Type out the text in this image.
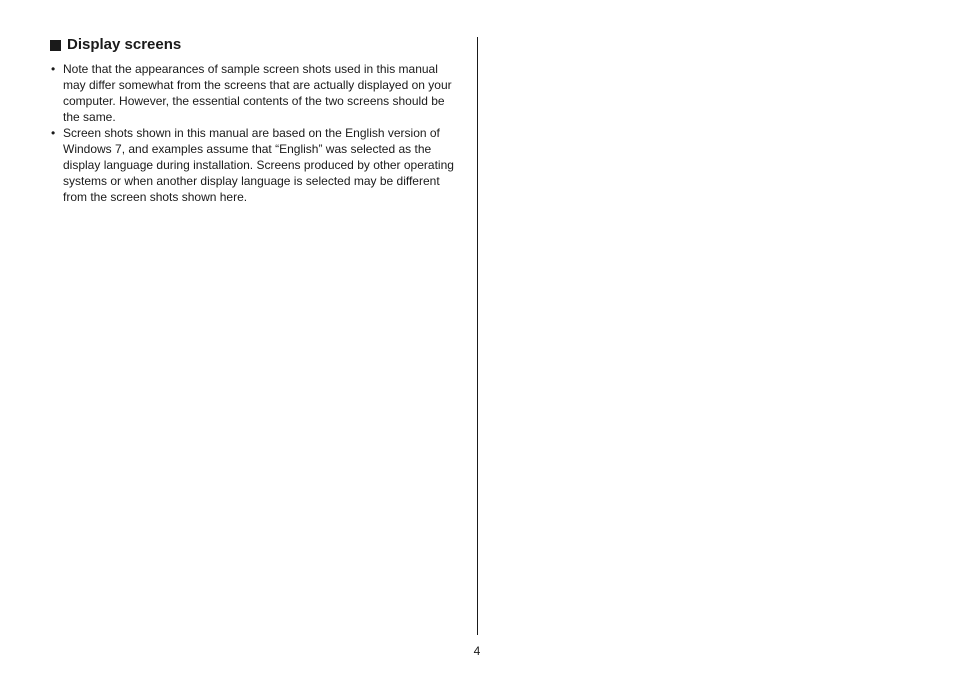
Display screens
• Note that the appearances of sample screen shots used in this manual may differ somewhat from the screens that are actually displayed on your computer. However, the essential contents of the two screens should be the same.
• Screen shots shown in this manual are based on the English version of Windows 7, and examples assume that “English” was selected as the display language during installation. Screens produced by other operating systems or when another display language is selected may be different from the screen shots shown here.
4
